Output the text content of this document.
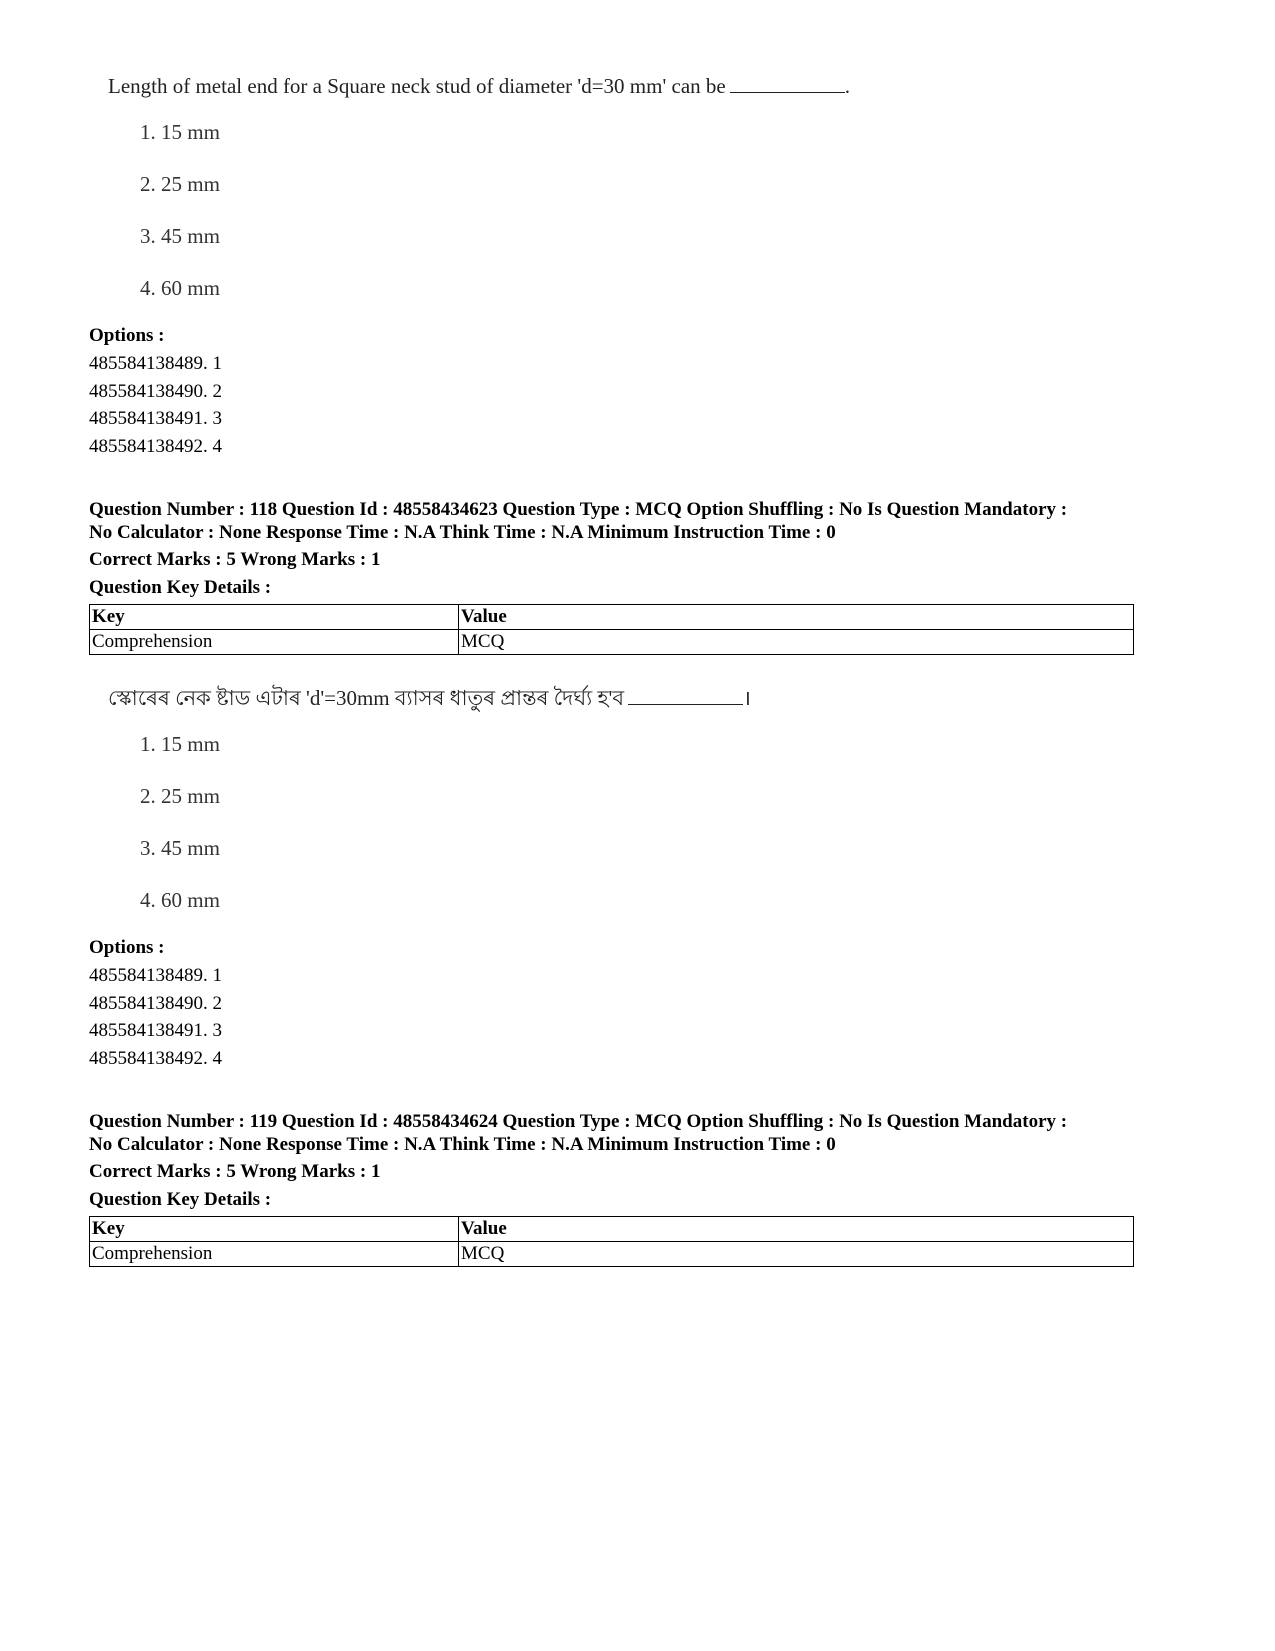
Length of metal end for a Square neck stud of diameter 'd=30 mm' can be	.
1. 15 mm
2. 25 mm
3. 45 mm
4. 60 mm
Options :
485584138489. 1
485584138490. 2
485584138491. 3
485584138492. 4
Question Number : 118 Question Id : 48558434623 Question Type : MCQ Option Shuffling : No Is Question Mandatory :
No Calculator : None Response Time : N.A Think Time : N.A Minimum Instruction Time : 0
Correct Marks : 5 Wrong Marks : 1
Question Key Details :
Key	Value
Comprehension	MCQ
স্কোৰেৰ নেক ষ্টাড এটাৰ 'd'=30mm ব্যাসৰ ধাতুৰ প্ৰান্তৰ দৈৰ্ঘ্য হ'ব	।
1. 15 mm
2. 25 mm
3. 45 mm
4. 60 mm
Options :
485584138489. 1
485584138490. 2
485584138491. 3
485584138492. 4
Question Number : 119 Question Id : 48558434624 Question Type : MCQ Option Shuffling : No Is Question Mandatory :
No Calculator : None Response Time : N.A Think Time : N.A Minimum Instruction Time : 0
Correct Marks : 5 Wrong Marks : 1
Question Key Details :
Key	Value
Comprehension	MCQ
